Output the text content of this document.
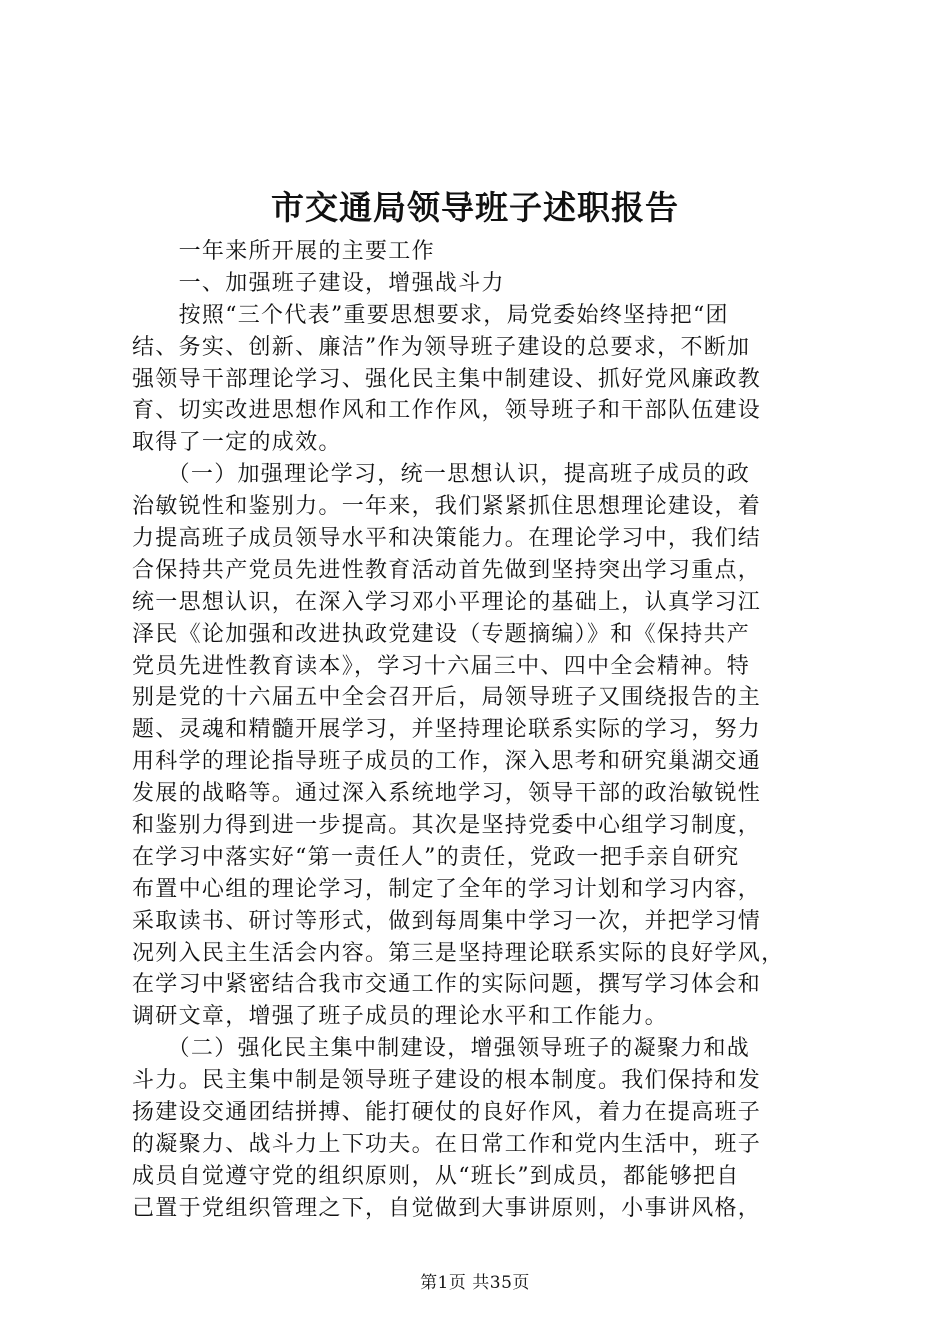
市交通局领导班子述职报告
　　一年来所开展的主要工作
　　一、加强班子建设，增强战斗力
　　按照“三个代表”重要思想要求，局党委始终坚持把“团
结、务实、创新、廉洁”作为领导班子建设的总要求，不断加
强领导干部理论学习、强化民主集中制建设、抓好党风廉政教
育、切实改进思想作风和工作作风，领导班子和干部队伍建设
取得了一定的成效。
　　（一）加强理论学习，统一思想认识，提高班子成员的政
治敏锐性和鉴别力。一年来，我们紧紧抓住思想理论建设，着
力提高班子成员领导水平和决策能力。在理论学习中，我们结
合保持共产党员先进性教育活动首先做到坚持突出学习重点，
统一思想认识，在深入学习邓小平理论的基础上，认真学习江
泽民《论加强和改进执政党建设（专题摘编）》和《保持共产
党员先进性教育读本》，学习十六届三中、四中全会精神。特
别是党的十六届五中全会召开后，局领导班子又围绕报告的主
题、灵魂和精髓开展学习，并坚持理论联系实际的学习，努力
用科学的理论指导班子成员的工作，深入思考和研究巢湖交通
发展的战略等。通过深入系统地学习，领导干部的政治敏锐性
和鉴别力得到进一步提高。其次是坚持党委中心组学习制度，
在学习中落实好“第一责任人”的责任，党政一把手亲自研究
布置中心组的理论学习，制定了全年的学习计划和学习内容，
采取读书、研讨等形式，做到每周集中学习一次，并把学习情
况列入民主生活会内容。第三是坚持理论联系实际的良好学风，
在学习中紧密结合我市交通工作的实际问题，撰写学习体会和
调研文章，增强了班子成员的理论水平和工作能力。
　　（二）强化民主集中制建设，增强领导班子的凝聚力和战
斗力。民主集中制是领导班子建设的根本制度。我们保持和发
扬建设交通团结拼搏、能打硬仗的良好作风，着力在提高班子
的凝聚力、战斗力上下功夫。在日常工作和党内生活中，班子
成员自觉遵守党的组织原则，从“班长”到成员，都能够把自
己置于党组织管理之下，自觉做到大事讲原则，小事讲风格，
第1页 共35页
